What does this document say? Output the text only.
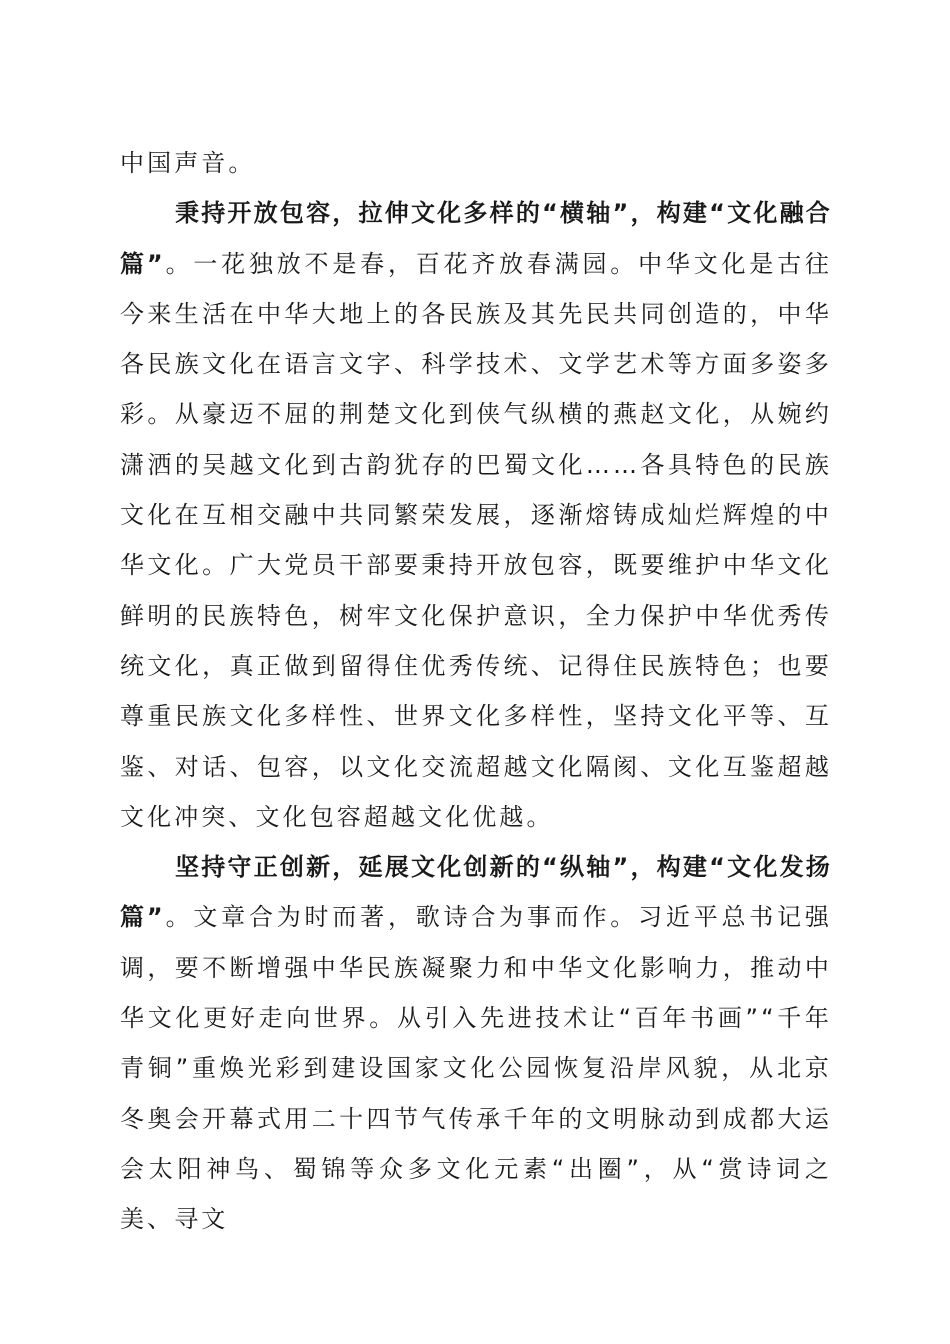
中国声音。

秉持开放包容，拉伸文化多样的“横轴”，构建“文化融合篇”。一花独放不是春，百花齐放春满园。中华文化是古往今来生活在中华大地上的各民族及其先民共同创造的，中华各民族文化在语言文字、科学技术、文学艺术等方面多姿多彩。从豪迈不屈的荆楚文化到侠气纵横的燕赵文化，从婉约潇洒的吴越文化到古韵犹存的巴蜀文化……各具特色的民族文化在互相交融中共同繁荣发展，逐渐熔铸成灿烂辉煌的中华文化。广大党员干部要秉持开放包容，既要维护中华文化鲜明的民族特色，树牢文化保护意识，全力保护中华优秀传统文化，真正做到留得住优秀传统、记得住民族特色；也要尊重民族文化多样性、世界文化多样性，坚持文化平等、互鉴、对话、包容，以文化交流超越文化隔阂、文化互鉴超越文化冲突、文化包容超越文化优越。

坚持守正创新，延展文化创新的“纵轴”，构建“文化发扬篇”。文章合为时而著，歌诗合为事而作。习近平总书记强调，要不断增强中华民族凝聚力和中华文化影响力，推动中华文化更好走向世界。从引入先进技术让“百年书画”“千年青铜”重焕光彩到建设国家文化公园恢复沿岸风貌，从北京冬奥会开幕式用二十四节气传承千年的文明脉动到成都大运会太阳神鸟、蜀锦等众多文化元素“出圈”，从“赏诗词之美、寻文
